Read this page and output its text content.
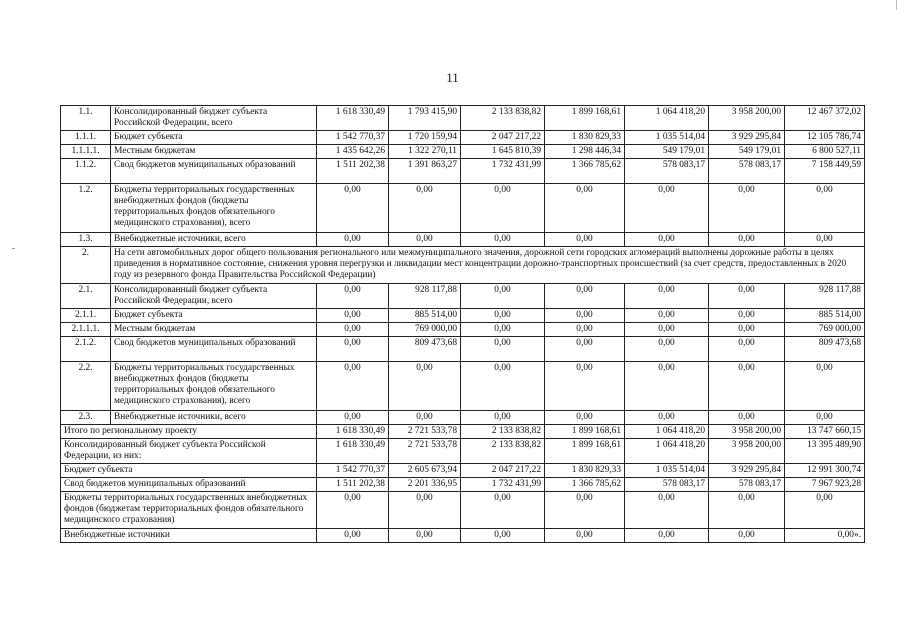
11
1.1.	Консолидированный бюджет субъекта Российской Федерации, всего	1 618 330,49	1 793 415,90	2 133 838,82	1 899 168,61	1 064 418,20	3 958 200,00	12 467 372,02
1.1.1.	Бюджет субъекта	1 542 770,37	1 720 159,94	2 047 217,22	1 830 829,33	1 035 514,04	3 929 295,84	12 105 786,74
1.1.1.1.	Местным бюджетам	1 435 642,26	1 322 270,11	1 645 810,39	1 298 446,34	549 179,01	549 179,01	6 800 527,11
1.1.2.	Свод бюджетов муниципальных образований	1 511 202,38	1 391 863,27	1 732 431,99	1 366 785,62	578 083,17	578 083,17	7 158 449,59
1.2.	Бюджеты территориальных государственных внебюджетных фондов (бюджеты территориальных фондов обязательного медицинского страхования), всего	0,00	0,00	0,00	0,00	0,00	0,00	0,00
1.3.	Внебюджетные источники, всего	0,00	0,00	0,00	0,00	0,00	0,00	0,00
2.	На сети автомобильных дорог общего пользования регионального или межмуниципального значения, дорожной сети городских агломераций выполнены дорожные работы в целях приведения в нормативное состояние, снижения уровня перегрузки и ликвидации мест концентрации дорожно-транспортных происшествий (за счет средств, предоставленных в 2020 году из резервного фонда Правительства Российской Федерации)							
2.1.	Консолидированный бюджет субъекта Российской Федерации, всего	0,00	928 117,88	0,00	0,00	0,00	0,00	928 117,88
2.1.1.	Бюджет субъекта	0,00	885 514,00	0,00	0,00	0,00	0,00	885 514,00
2.1.1.1.	Местным бюджетам	0,00	769 000,00	0,00	0,00	0,00	0,00	769 000,00
2.1.2.	Свод бюджетов муниципальных образований	0,00	809 473,68	0,00	0,00	0,00	0,00	809 473,68
2.2.	Бюджеты территориальных государственных внебюджетных фондов (бюджеты территориальных фондов обязательного медицинского страхования), всего	0,00	0,00	0,00	0,00	0,00	0,00	0,00
2.3.	Внебюджетные источники, всего	0,00	0,00	0,00	0,00	0,00	0,00	0,00
Итого по региональному проекту		1 618 330,49	2 721 533,78	2 133 838,82	1 899 168,61	1 064 418,20	3 958 200,00	13 747 660,15
Консолидированный бюджет субъекта Российской Федерации, из них:		1 618 330,49	2 721 533,78	2 133 838,82	1 899 168,61	1 064 418,20	3 958 200,00	13 395 489,90
Бюджет субъекта		1 542 770,37	2 605 673,94	2 047 217,22	1 830 829,33	1 035 514,04	3 929 295,84	12 991 300,74
Свод бюджетов муниципальных образований		1 511 202,38	2 201 336,95	1 732 431,99	1 366 785,62	578 083,17	578 083,17	7 967 923,28
Бюджеты территориальных государственных внебюджетных фондов (бюджетам территориальных фондов обязательного медицинского страхования)		0,00	0,00	0,00	0,00	0,00	0,00	0,00
Внебюджетные источники		0,00	0,00	0,00	0,00	0,00	0,00	0,00».
